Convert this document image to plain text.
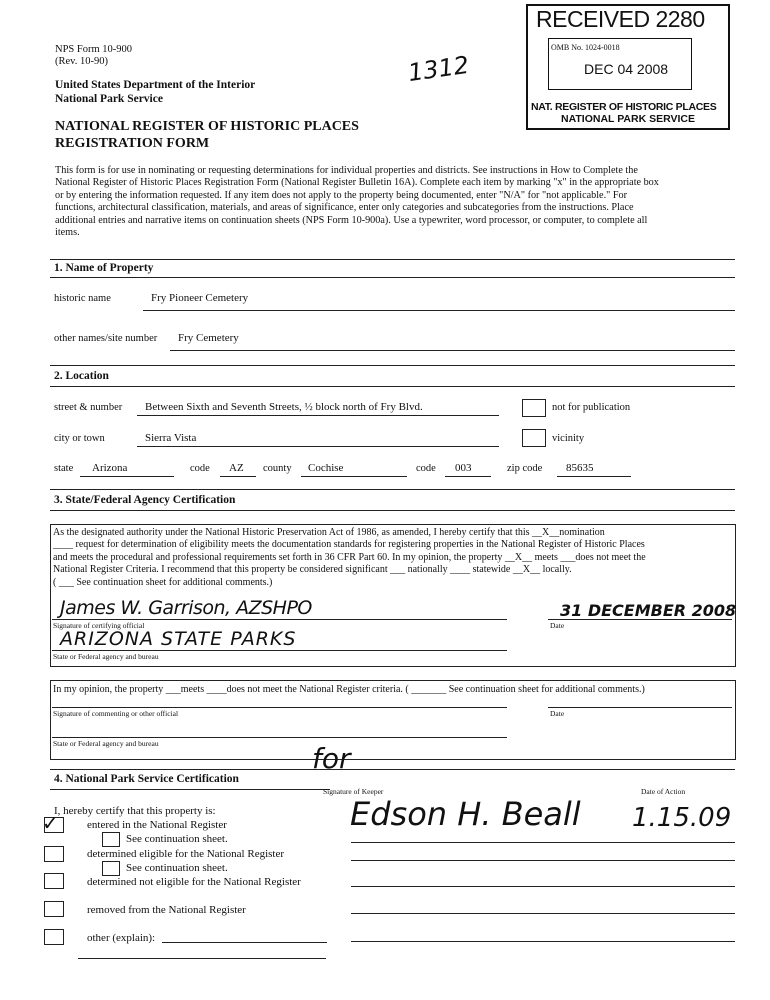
NPS Form 10-900
(Rev. 10-90)
United States Department of the Interior
National Park Service
NATIONAL REGISTER OF HISTORIC PLACES
REGISTRATION FORM
1312
RECEIVED 2280
OMB No. 1024-0018
DEC 04 2008
NAT. REGISTER OF HISTORIC PLACES
NATIONAL PARK SERVICE
This form is for use in nominating or requesting determinations for individual properties and districts. See instructions in How to Complete the
National Register of Historic Places Registration Form (National Register Bulletin 16A). Complete each item by marking "x" in the appropriate box
or by entering the information requested. If any item does not apply to the property being documented, enter "N/A" for "not applicable." For
functions, architectural classification, materials, and areas of significance, enter only categories and subcategories from the instructions. Place
additional entries and narrative items on continuation sheets (NPS Form 10-900a). Use a typewriter, word processor, or computer, to complete all
items.
1. Name of Property
historic name	Fry Pioneer Cemetery
other names/site number Fry Cemetery
2. Location
street & number Between Sixth and Seventh Streets, ½ block north of Fry Blvd.	not for publication
city or town	Sierra Vista	vicinity
state Arizona	code AZ county Cochise	code 003	zip code 85635
3. State/Federal Agency Certification
As the designated authority under the National Historic Preservation Act of 1986, as amended, I hereby certify that this __X__nomination
____ request for determination of eligibility meets the documentation standards for registering properties in the National Register of Historic Places
and meets the procedural and professional requirements set forth in 36 CFR Part 60. In my opinion, the property __X__ meets ___does not meet the
National Register Criteria. I recommend that this property be considered significant ___ nationally ____ statewide __X__ locally.
( ___ See continuation sheet for additional comments.)
James W. Garrison, AZSHPO
Signature of certifying official
31 DECEMBER 2008
Date
ARIZONA STATE PARKS
State or Federal agency and bureau
In my opinion, the property ___meets ____does not meet the National Register criteria. ( _______ See continuation sheet for additional comments.)
Signature of commenting or other official	Date
State or Federal agency and bureau
4. National Park Service Certification
Signature of Keeper	Date of Action
for
Edson H. Beall 1.15.09
I, hereby certify that this property is:
✓	entered in the National Register
See continuation sheet.
determined eligible for the National Register
See continuation sheet.
determined not eligible for the National Register
removed from the National Register
other (explain):
